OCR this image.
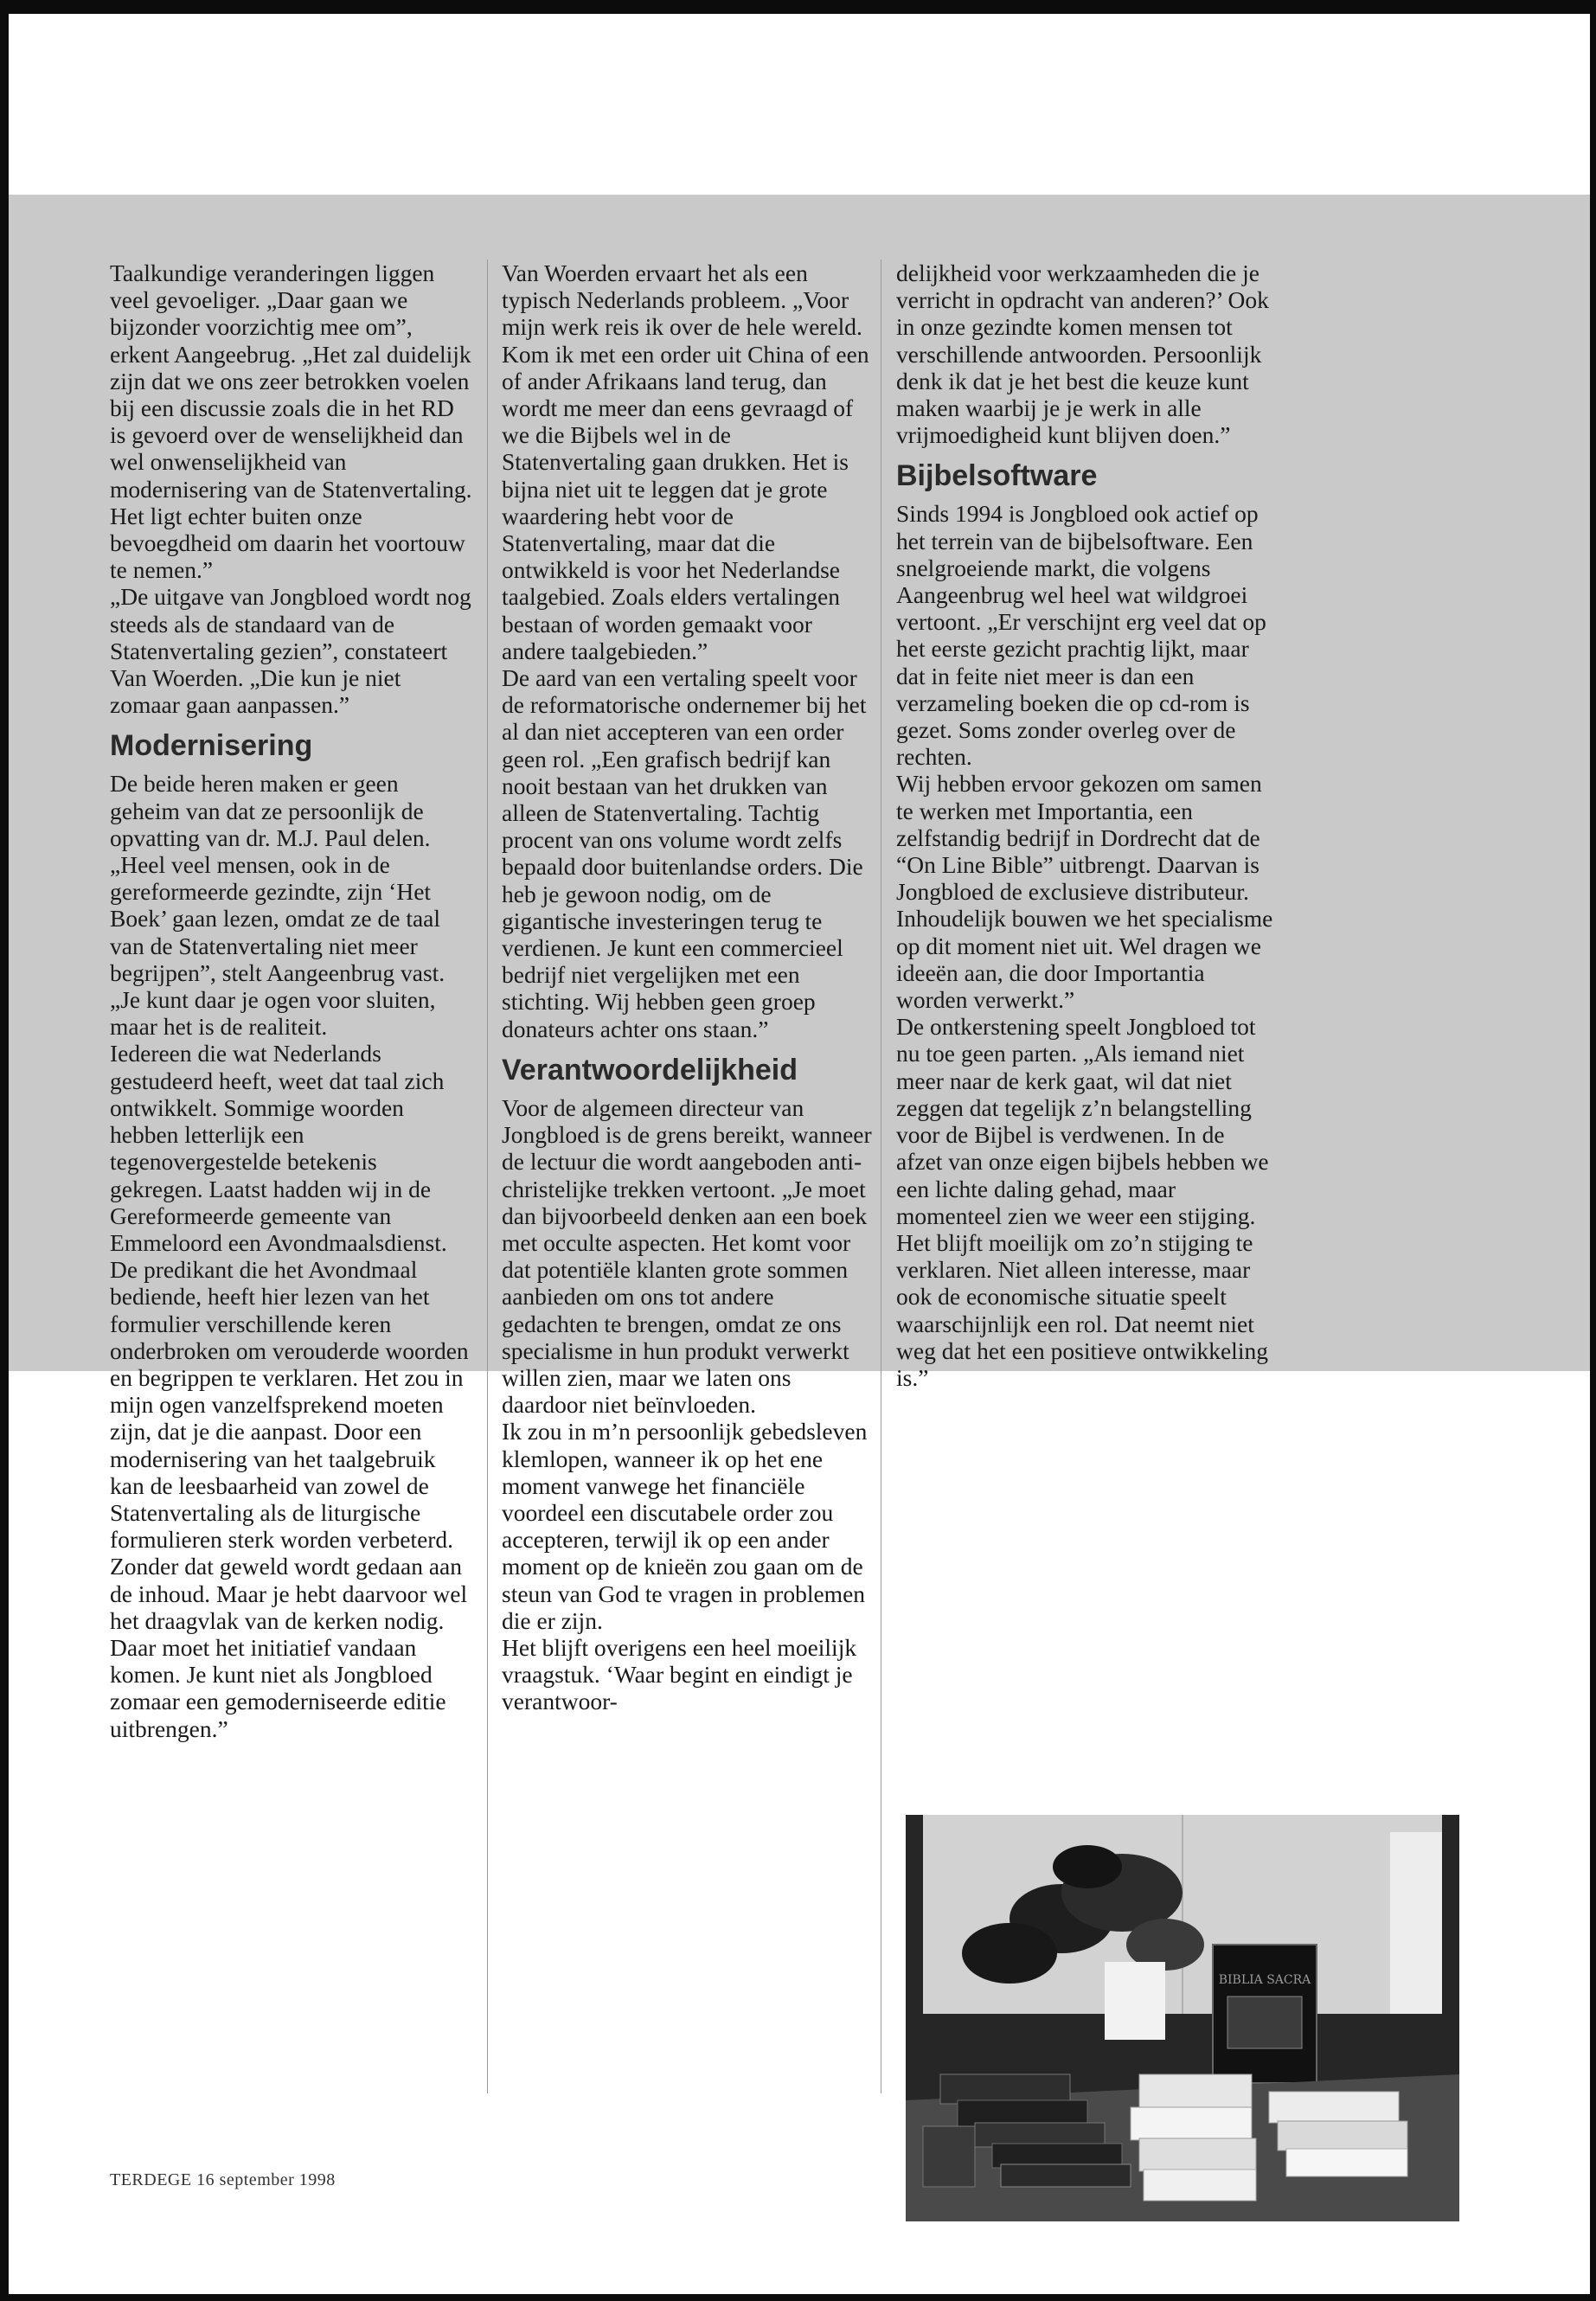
Taalkundige veranderingen liggen veel gevoeliger. „Daar gaan we bijzonder voorzichtig mee om”, erkent Aangeebrug. „Het zal duidelijk zijn dat we ons zeer betrokken voelen bij een discussie zoals die in het RD is gevoerd over de wenselijkheid dan wel onwenselijkheid van modernisering van de Statenvertaling. Het ligt echter buiten onze bevoegdheid om daarin het voortouw te nemen.”

„De uitgave van Jongbloed wordt nog steeds als de standaard van de Statenvertaling gezien”, constateert Van Woerden. „Die kun je niet zomaar gaan aanpassen.”

Modernisering

De beide heren maken er geen geheim van dat ze persoonlijk de opvatting van dr. M.J. Paul delen. „Heel veel mensen, ook in de gereformeerde gezindte, zijn ‘Het Boek’ gaan lezen, omdat ze de taal van de Statenvertaling niet meer begrijpen”, stelt Aangeenbrug vast. „Je kunt daar je ogen voor sluiten, maar het is de realiteit.

Iedereen die wat Nederlands gestudeerd heeft, weet dat taal zich ontwikkelt. Sommige woorden hebben letterlijk een tegenovergestelde betekenis gekregen. Laatst hadden wij in de Gereformeerde gemeente van Emmeloord een Avondmaalsdienst. De predikant die het Avondmaal bediende, heeft hier lezen van het formulier verschillende keren onderbroken om verouderde woorden en begrippen te verklaren. Het zou in mijn ogen vanzelfsprekend moeten zijn, dat je die aanpast. Door een modernisering van het taalgebruik kan de leesbaarheid van zowel de Statenvertaling als de liturgische formulieren sterk worden verbeterd. Zonder dat geweld wordt gedaan aan de inhoud. Maar je hebt daarvoor wel het draagvlak van de kerken nodig. Daar moet het initiatief vandaan komen. Je kunt niet als Jongbloed zomaar een gemoderniseerde editie uitbrengen.”

Van Woerden ervaart het als een typisch Nederlands probleem. „Voor mijn werk reis ik over de hele wereld. Kom ik met een order uit China of een of ander Afrikaans land terug, dan wordt me meer dan eens gevraagd of we die Bijbels wel in de Statenvertaling gaan drukken. Het is bijna niet uit te leggen dat je grote waardering hebt voor de Statenvertaling, maar dat die ontwikkeld is voor het Nederlandse taalgebied. Zoals elders vertalingen bestaan of worden gemaakt voor andere taalgebieden.”

De aard van een vertaling speelt voor de reformatorische ondernemer bij het al dan niet accepteren van een order geen rol. „Een grafisch bedrijf kan nooit bestaan van het drukken van alleen de Statenvertaling. Tachtig procent van ons volume wordt zelfs bepaald door buitenlandse orders. Die heb je gewoon nodig, om de gigantische investeringen terug te verdienen. Je kunt een commercieel bedrijf niet vergelijken met een stichting. Wij hebben geen groep donateurs achter ons staan.”

Verantwoordelijkheid

Voor de algemeen directeur van Jongbloed is de grens bereikt, wanneer de lectuur die wordt aangeboden anti-christelijke trekken vertoont. „Je moet dan bijvoorbeeld denken aan een boek met occulte aspecten. Het komt voor dat potentiële klanten grote sommen aanbieden om ons tot andere gedachten te brengen, omdat ze ons specialisme in hun produkt verwerkt willen zien, maar we laten ons daardoor niet beïnvloeden.

Ik zou in m’n persoonlijk gebedsleven klemlopen, wanneer ik op het ene moment vanwege het financiële voordeel een discutabele order zou accepteren, terwijl ik op een ander moment op de knieën zou gaan om de steun van God te vragen in problemen die er zijn.

Het blijft overigens een heel moeilijk vraagstuk. ‘Waar begint en eindigt je verantwoor-

delijkheid voor werkzaamheden die je verricht in opdracht van anderen?’ Ook in onze gezindte komen mensen tot verschillende antwoorden. Persoonlijk denk ik dat je het best die keuze kunt maken waarbij je je werk in alle vrijmoedigheid kunt blijven doen.”

Bijbelsoftware

Sinds 1994 is Jongbloed ook actief op het terrein van de bijbelsoftware. Een snelgroeiende markt, die volgens Aangeenbrug wel heel wat wildgroei vertoont. „Er verschijnt erg veel dat op het eerste gezicht prachtig lijkt, maar dat in feite niet meer is dan een verzameling boeken die op cd-rom is gezet. Soms zonder overleg over de rechten.

Wij hebben ervoor gekozen om samen te werken met Importantia, een zelfstandig bedrijf in Dordrecht dat de “On Line Bible” uitbrengt. Daarvan is Jongbloed de exclusieve distributeur. Inhoudelijk bouwen we het specialisme op dit moment niet uit. Wel dragen we ideeën aan, die door Importantia worden verwerkt.”

De ontkerstening speelt Jongbloed tot nu toe geen parten. „Als iemand niet meer naar de kerk gaat, wil dat niet zeggen dat tegelijk z’n belangstelling voor de Bijbel is verdwenen. In de afzet van onze eigen bijbels hebben we een lichte daling gehad, maar momenteel zien we weer een stijging. Het blijft moeilijk om zo’n stijging te verklaren. Niet alleen interesse, maar ook de economische situatie speelt waarschijnlijk een rol. Dat neemt niet weg dat het een positieve ontwikkeling is.”

BIBLIA SACRA
TERDEGE 16 september 1998
